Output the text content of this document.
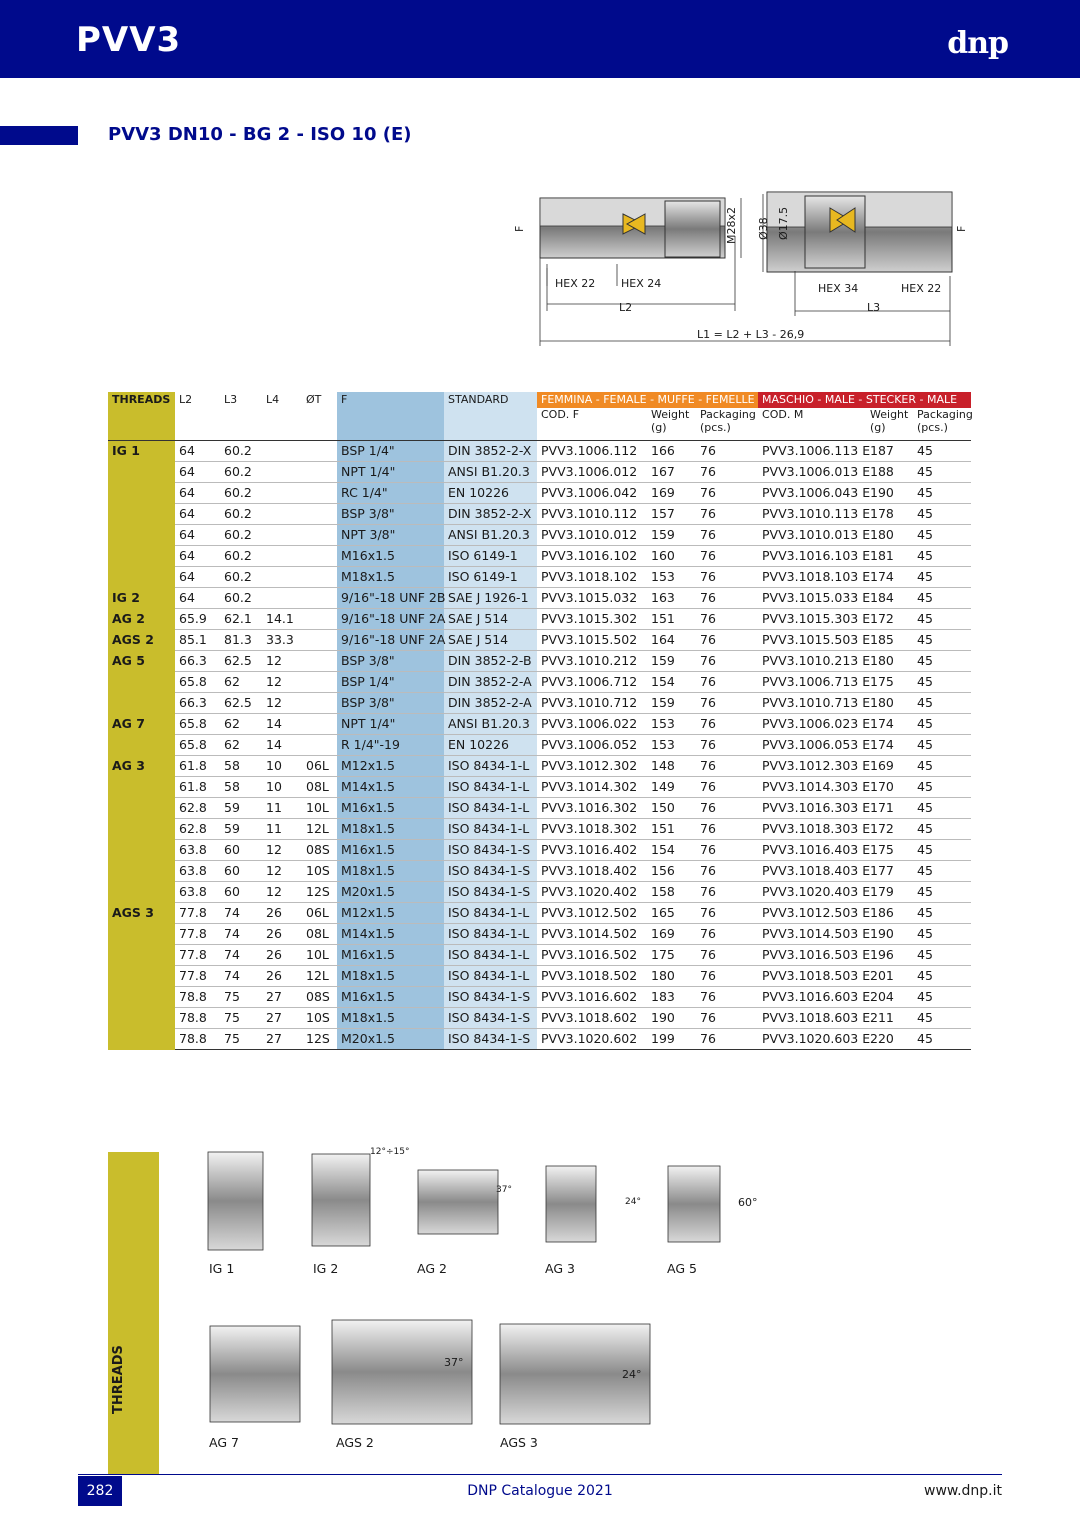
PVV3	dnp
PVV3 DN10 - BG 2 - ISO 10 (E)
F	M28x2 Ø38 Ø17.5	F
HEX 22 HEX 24	HEX 34	HEX 22
L2	L3
L1 = L2 + L3 - 26,9
THREADS	L2	L3	L4	ØT	F	STANDARD	FEMMINA - FEMALE - MUFFE - FEMELLE			MASCHIO - MALE - STECKER - MALE		
							COD. F	Weight (g)	Packaging (pcs.)	COD. M	Weight (g)	Packaging (pcs.)
IG 1	64	60.2			BSP 1/4"	DIN 3852-2-X	PVV3.1006.112	166	76	PVV3.1006.113 E	187	45
	64	60.2			NPT 1/4"	ANSI B1.20.3	PVV3.1006.012	167	76	PVV3.1006.013 E	188	45
	64	60.2			RC 1/4"	EN 10226	PVV3.1006.042	169	76	PVV3.1006.043 E	190	45
	64	60.2			BSP 3/8"	DIN 3852-2-X	PVV3.1010.112	157	76	PVV3.1010.113 E	178	45
	64	60.2			NPT 3/8"	ANSI B1.20.3	PVV3.1010.012	159	76	PVV3.1010.013 E	180	45
	64	60.2			M16x1.5	ISO 6149-1	PVV3.1016.102	160	76	PVV3.1016.103 E	181	45
	64	60.2			M18x1.5	ISO 6149-1	PVV3.1018.102	153	76	PVV3.1018.103 E	174	45
IG 2	64	60.2			9/16"-18 UNF 2B	SAE J 1926-1	PVV3.1015.032	163	76	PVV3.1015.033 E	184	45
AG 2	65.9	62.1	14.1		9/16"-18 UNF 2A	SAE J 514	PVV3.1015.302	151	76	PVV3.1015.303 E	172	45
AGS 2	85.1	81.3	33.3		9/16"-18 UNF 2A	SAE J 514	PVV3.1015.502	164	76	PVV3.1015.503 E	185	45
AG 5	66.3	62.5	12		BSP 3/8"	DIN 3852-2-B	PVV3.1010.212	159	76	PVV3.1010.213 E	180	45
	65.8	62	12		BSP 1/4"	DIN 3852-2-A	PVV3.1006.712	154	76	PVV3.1006.713 E	175	45
	66.3	62.5	12		BSP 3/8"	DIN 3852-2-A	PVV3.1010.712	159	76	PVV3.1010.713 E	180	45
AG 7	65.8	62	14		NPT 1/4"	ANSI B1.20.3	PVV3.1006.022	153	76	PVV3.1006.023 E	174	45
	65.8	62	14		R 1/4"-19	EN 10226	PVV3.1006.052	153	76	PVV3.1006.053 E	174	45
AG 3	61.8	58	10	06L	M12x1.5	ISO 8434-1-L	PVV3.1012.302	148	76	PVV3.1012.303 E	169	45
	61.8	58	10	08L	M14x1.5	ISO 8434-1-L	PVV3.1014.302	149	76	PVV3.1014.303 E	170	45
	62.8	59	11	10L	M16x1.5	ISO 8434-1-L	PVV3.1016.302	150	76	PVV3.1016.303 E	171	45
	62.8	59	11	12L	M18x1.5	ISO 8434-1-L	PVV3.1018.302	151	76	PVV3.1018.303 E	172	45
	63.8	60	12	08S	M16x1.5	ISO 8434-1-S	PVV3.1016.402	154	76	PVV3.1016.403 E	175	45
	63.8	60	12	10S	M18x1.5	ISO 8434-1-S	PVV3.1018.402	156	76	PVV3.1018.403 E	177	45
	63.8	60	12	12S	M20x1.5	ISO 8434-1-S	PVV3.1020.402	158	76	PVV3.1020.403 E	179	45
AGS 3	77.8	74	26	06L	M12x1.5	ISO 8434-1-L	PVV3.1012.502	165	76	PVV3.1012.503 E	186	45
	77.8	74	26	08L	M14x1.5	ISO 8434-1-L	PVV3.1014.502	169	76	PVV3.1014.503 E	190	45
	77.8	74	26	10L	M16x1.5	ISO 8434-1-L	PVV3.1016.502	175	76	PVV3.1016.503 E	196	45
	77.8	74	26	12L	M18x1.5	ISO 8434-1-L	PVV3.1018.502	180	76	PVV3.1018.503 E	201	45
	78.8	75	27	08S	M16x1.5	ISO 8434-1-S	PVV3.1016.602	183	76	PVV3.1016.603 E	204	45
	78.8	75	27	10S	M18x1.5	ISO 8434-1-S	PVV3.1018.602	190	76	PVV3.1018.603 E	211	45
	78.8	75	27	12S	M20x1.5	ISO 8434-1-S	PVV3.1020.602	199	76	PVV3.1020.603 E	220	45
THREADS
12°÷15°
37°
24°	60°
IG 1	IG 2	AG 2	AG 3	AG 5
37°
24°
AG 7	AGS 2	AGS 3
282	DNP Catalogue 2021	www.dnp.it
